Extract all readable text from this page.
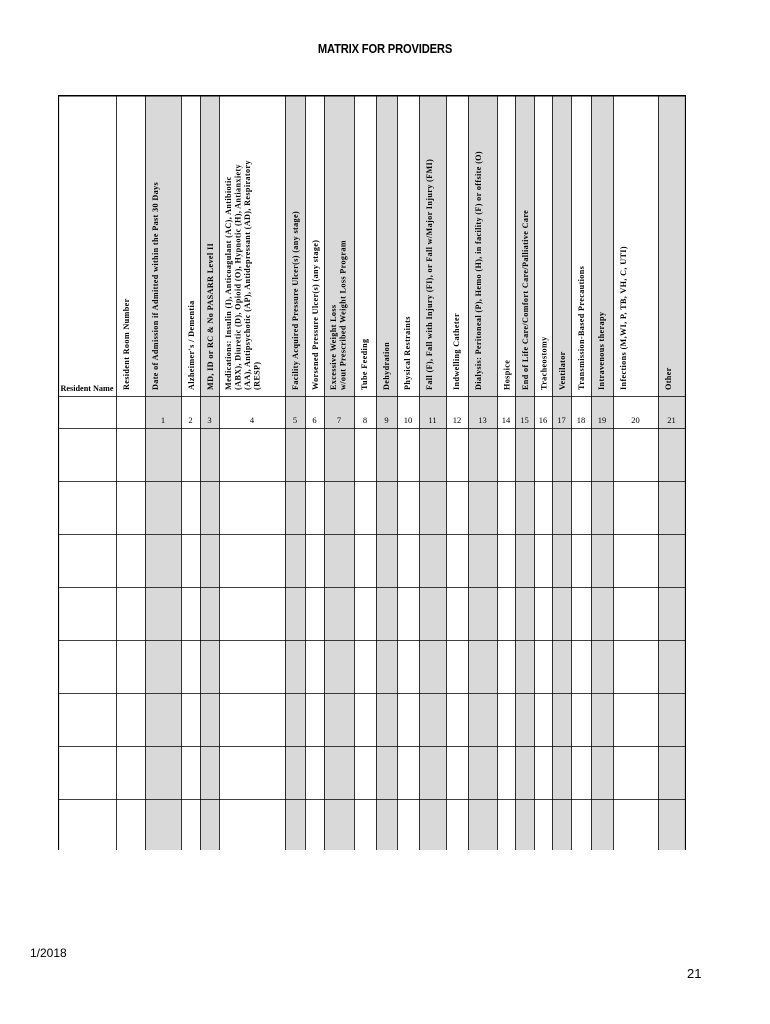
MATRIX FOR PROVIDERS
Resident Name Resident Room Number Date of Admission if Admitted within the Past 30 Days
1
Alzheimer's / Dementia
2
MD, ID or RC & No PASARR Level II
3
Medications: Insulin (I), Anticoagulant (AC), Antibiotic (ABX), Diuretic (D), Opioid (O), Hypnotic (H), Antianxiety (AA), Antipsychotic (AP), Antidepressant (AD), Respiratory (RESP)
4
Facility Acquired Pressure Ulcer(s) (any stage)
5
Worsened Pressure Ulcer(s) (any stage)
6
Excessive Weight Loss w/out Prescribed Weight Loss Program
7
Tube Feeding
8
Dehydration
9
Physical Restraints
10
Fall (F), Fall with Injury (FI), or Fall w/Major Injury (FMI)
11
Indwelling Catheter
12
Dialysis: Peritoneal (P), Hemo (H), in facility (F) or offsite (O)
13
Hospice
14
End of Life Care/Comfort Care/Palliative Care
15
Tracheostomy
16
Ventilator
17
Transmission-Based Precautions
18
Intravenous therapy
19
Infections (M,WI, P, TB, VH, C, UTI)
20
Other
21
1/2018
21
